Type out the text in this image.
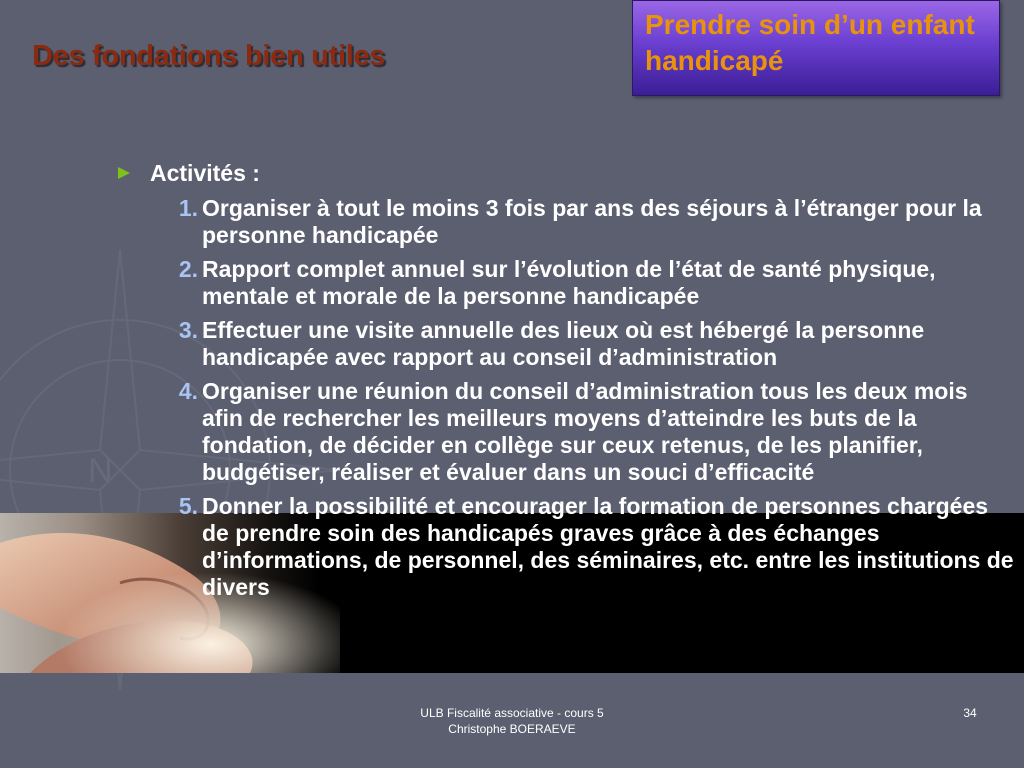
N
Des fondations bien utiles

Prendre soin d’un enfant handicapé

Activités :
1. Organiser à tout le moins 3 fois par ans des séjours à l’étranger pour la personne handicapée
2. Rapport complet annuel sur l’évolution de l’état de santé physique, mentale et morale de la personne handicapée
3. Effectuer une visite annuelle des lieux où est hébergé la personne handicapée avec rapport au conseil d’administration
4. Organiser une réunion du conseil d’administration tous les deux mois afin de rechercher les meilleurs moyens d’atteindre les buts de la fondation, de décider en collège sur ceux retenus, de les planifier, budgétiser, réaliser et évaluer dans un souci d’efficacité
5. Donner la possibilité et encourager la formation de personnes chargées de prendre soin des handicapés graves grâce à des échanges d’informations, de personnel, des séminaires, etc. entre les institutions de divers
ULB Fiscalité associative - cours 5
Christophe BOERAEVE
34
